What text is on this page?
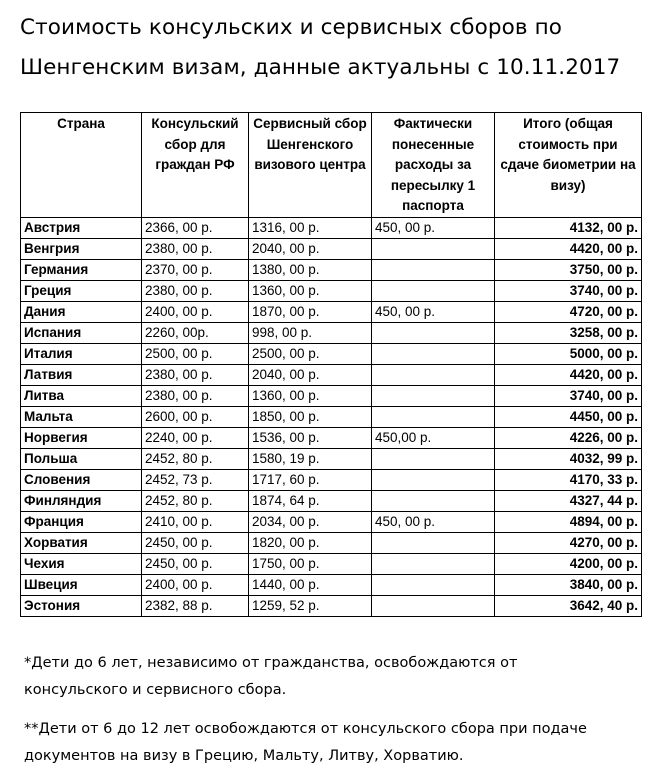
Стоимость консульских и сервисных сборов по
Шенгенским визам, данные актуальны с 10.11.2017
Страна	Консульский сбор для граждан РФ	Сервисный сбор Шенгенского визового центра	Фактически понесенные расходы за пересылку 1 паспорта	Итого (общая стоимость при сдаче биометрии на визу)
Австрия	2366, 00 р.	1316, 00 р.	450, 00 р.	4132, 00 р.
Венгрия	2380, 00 р.	2040, 00 р.		4420, 00 р.
Германия	2370, 00 р.	1380, 00 р.		3750, 00 р.
Греция	2380, 00 р.	1360, 00 р.		3740, 00 р.
Дания	2400, 00 р.	1870, 00 р.	450, 00 р.	4720, 00 р.
Испания	2260, 00р.	998, 00 р.		3258, 00 р.
Италия	2500, 00 р.	2500, 00 р.		5000, 00 р.
Латвия	2380, 00 р.	2040, 00 р.		4420, 00 р.
Литва	2380, 00 р.	1360, 00 р.		3740, 00 р.
Мальта	2600, 00 р.	1850, 00 р.		4450, 00 р.
Норвегия	2240, 00 р.	1536, 00 р.	450,00 р.	4226, 00 р.
Польша	2452, 80 р.	1580, 19 р.		4032, 99 р.
Словения	2452, 73 р.	1717, 60 р.		4170, 33 р.
Финляндия	2452, 80 р.	1874, 64 р.		4327, 44 р.
Франция	2410, 00 р.	2034, 00 р.	450, 00 р.	4894, 00 р.
Хорватия	2450, 00 р.	1820, 00 р.		4270, 00 р.
Чехия	2450, 00 р.	1750, 00 р.		4200, 00 р.
Швеция	2400, 00 р.	1440, 00 р.		3840, 00 р.
Эстония	2382, 88 р.	1259, 52 р.		3642, 40 р.
*Дети до 6 лет, независимо от гражданства, освобождаются от
консульского и сервисного сбора.
**Дети от 6 до 12 лет освобождаются от консульского сбора при подаче
документов на визу в Грецию, Мальту, Литву, Хорватию.
